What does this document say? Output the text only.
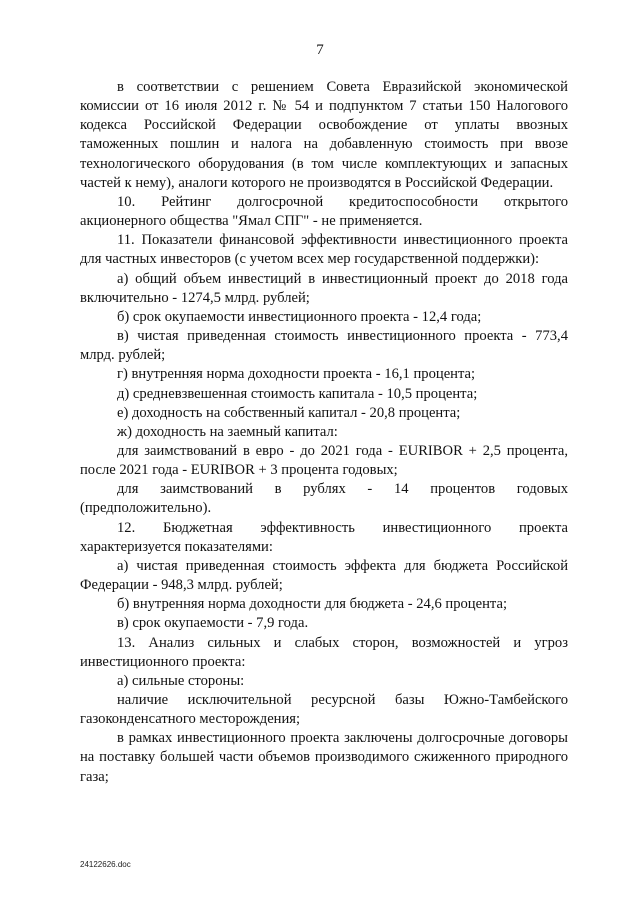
7

в соответствии с решением Совета Евразийской экономической комиссии от 16 июля 2012 г. № 54 и подпунктом 7 статьи 150 Налогового кодекса Российской Федерации освобождение от уплаты ввозных таможенных пошлин и налога на добавленную стоимость при ввозе технологического оборудования (в том числе комплектующих и запасных частей к нему), аналоги которого не производятся в Российской Федерации.

10. Рейтинг долгосрочной кредитоспособности открытого акционерного общества "Ямал СПГ" - не применяется.

11. Показатели финансовой эффективности инвестиционного проекта для частных инвесторов (с учетом всех мер государственной поддержки):

а) общий объем инвестиций в инвестиционный проект до 2018 года включительно - 1274,5 млрд. рублей;

б) срок окупаемости инвестиционного проекта - 12,4 года;

в) чистая приведенная стоимость инвестиционного проекта - 773,4 млрд. рублей;

г) внутренняя норма доходности проекта - 16,1 процента;

д) средневзвешенная стоимость капитала - 10,5 процента;

е) доходность на собственный капитал - 20,8 процента;

ж) доходность на заемный капитал:

для заимствований в евро - до 2021 года - EURIBOR + 2,5 процента, после 2021 года - EURIBOR + 3 процента годовых;

для заимствований в рублях - 14 процентов годовых (предположительно).

12. Бюджетная эффективность инвестиционного проекта характеризуется показателями:

а) чистая приведенная стоимость эффекта для бюджета Российской Федерации - 948,3 млрд. рублей;

б) внутренняя норма доходности для бюджета - 24,6 процента;

в) срок окупаемости - 7,9 года.

13. Анализ сильных и слабых сторон, возможностей и угроз инвестиционного проекта:

а) сильные стороны:

наличие исключительной ресурсной базы Южно-Тамбейского газоконденсатного месторождения;

в рамках инвестиционного проекта заключены долгосрочные договоры на поставку большей части объемов производимого сжиженного природного газа;

24122626.doc
